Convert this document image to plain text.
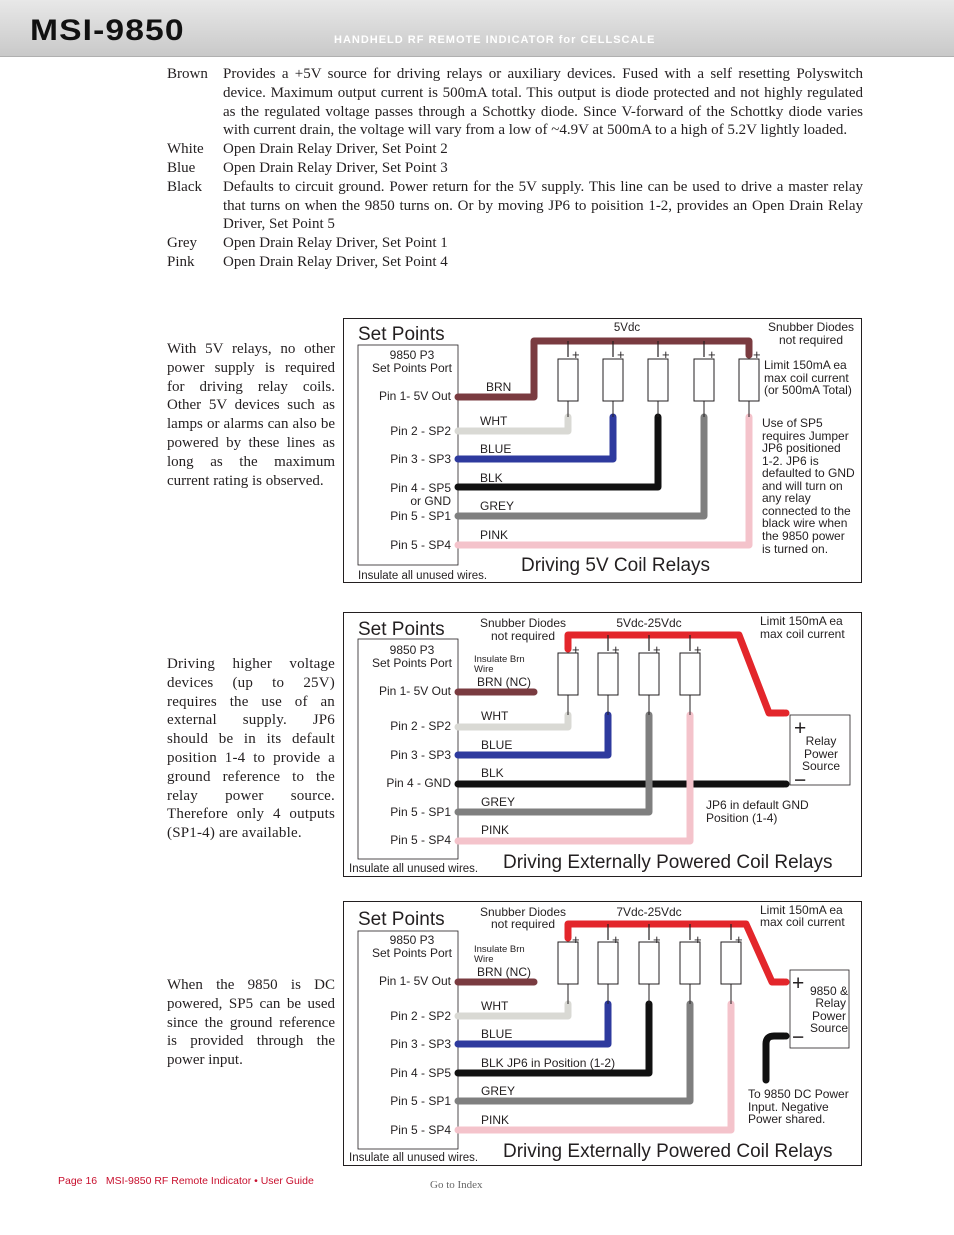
MSI-9850	HANDHELD RF REMOTE INDICATOR for CELLSCALE
Brown	Provides a +5V source for driving relays or auxiliary devices. Fused with a self resetting Polyswitch device. Maximum output current is 500mA total. This output is diode protected and not highly regulated as the regulated voltage passes through a Schottky diode. Since V-forward of the Schottky diode varies with current drain, the voltage will vary from a low of ~4.9V at 500mA to a high of 5.2V lightly loaded.
White	Open Drain Relay Driver, Set Point 2
Blue	Open Drain Relay Driver, Set Point 3
Black	Defaults to circuit ground. Power return for the 5V supply. This line can be used to drive a master relay that turns on when the 9850 turns on. Or by moving JP6 to poisition 1-2, provides an Open Drain Relay Driver, Set Point 5
Grey	Open Drain Relay Driver, Set Point 1
Pink	Open Drain Relay Driver, Set Point 4
With 5V relays, no other power supply is required for driving relay coils. Other 5V devices such as lamps or alarms can also be powered by these lines as long as the maximum current rating is observed.
Driving higher voltage devices (up to 25V) requires the use of an external supply. JP6 should be in its default position 1-4 to provide a ground reference to the relay power source. Therefore only 4 outputs (SP1-4) are available.
When the 9850 is DC powered, SP5 can be used since the ground reference is provided through the power input.
Set Points
9850 P3
Set Points Port
Pin 1- 5V Out
Pin 2 - SP2
Pin 3 - SP3
Pin 4 - SP5
or GND
Pin 5 - SP1
Pin 5 - SP4
+	+	+	+	+
BRN
WHT
BLUE
BLK
GREY
PINK
5Vdc	Snubber Diodes
not required
Limit 150mA ea
max coil current
(or 500mA Total)
Use of SP5
requires Jumper
JP6 positioned
1-2. JP6 is
defaulted to GND
and will turn on
any relay
connected to the
black wire when
the 9850 power
is turned on.
Insulate all unused wires. Driving 5V Coil Relays
Set Points
9850 P3
Set Points Port
Pin 1- 5V Out
Pin 2 - SP2
Pin 3 - SP3
Pin 4 - GND
Pin 5 - SP1
Pin 5 - SP4
+ +	+	+
Insulate Brn
Wire
BRN (NC)
WHT
BLUE
BLK
GREY
PINK
Snubber Diodes
not required
5Vdc-25Vdc	Limit 150mA ea
max coil current
+
−
Relay
Power
Source
JP6 in default GND
Position (1-4)
Insulate all unused wires. Driving Externally Powered Coil Relays
Set Points
9850 P3
Set Points Port
Pin 1- 5V Out
Pin 2 - SP2
Pin 3 - SP3
Pin 4 - SP5
Pin 5 - SP1
Pin 5 - SP4
+ +	+	+	+
Insulate Brn
Wire
BRN (NC)
WHT
BLUE
BLK JP6 in Position (1-2)
GREY
PINK
Snubber Diodes
not required
7Vdc-25Vdc	Limit 150mA ea
max coil current
+
−
9850 &
Relay
Power
Source
To 9850 DC Power
Input. Negative
Power shared.
Insulate all unused wires. Driving Externally Powered Coil Relays
Page 16 MSI-9850 RF Remote Indicator • User Guide	Go to Index
